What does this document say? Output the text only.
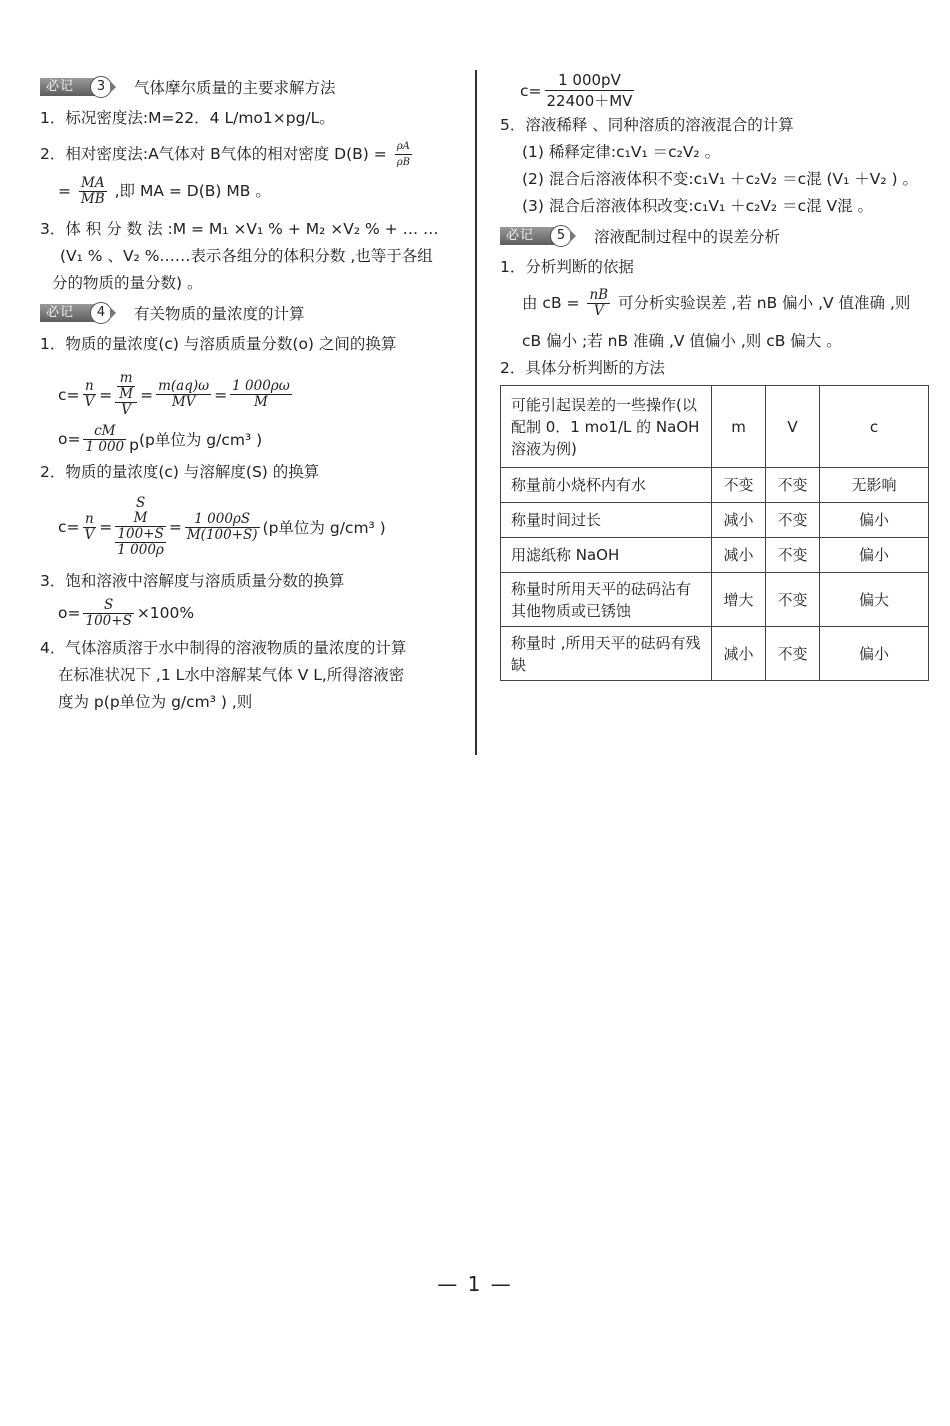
必记	3	气体摩尔质量的主要求解方法
1．标况密度法:M=22．4 L/mo1×pg/L。
2．相对密度法:A气体对 B气体的相对密度 $D(B) = \frac{\rho A}{\rho B}$
= $\frac{MA}{MB}$ ,即 MA = D(B) MB 。
3．体 积 分 数 法 :M = M₁ ×V₁ % + M₂ ×V₂ % + … …
(V₁ % 、V₂ %……表示各组分的体积分数 ,也等于各组
分的物质的量分数) 。
必记	4	有关物质的量浓度的计算
1．物质的量浓度(c) 与溶质质量分数(o) 之间的换算
$c= \frac{n}{V} = \frac{\frac{m}{M}}{V} = \frac{m(aq)\omega}{MV} = \frac{1 000\rho\omega}{M}$
$o= \frac{cM}{1 000}$ p (p单位为 g/cm³ )
2．物质的量浓度(c) 与溶解度(S) 的换算
$c= \frac{n}{V}$ =
S
M
100+S
1 000ρ
= $\frac{1 000\rho S}{M(100+S)} (p$单位为 g/cm³ )
3．饱和溶液中溶解度与溶质质量分数的换算
$o= \frac{S}{100+S} \times 100\%$
4．气体溶质溶于水中制得的溶液物质的量浓度的计算
在标准状况下 ,1 L水中溶解某气体 V L,所得溶液密
度为 p(p单位为 g/cm³ ) ,则
$c= \frac{1 000pV}{22400+MV}$
5．溶液稀释 、同种溶质的溶液混合的计算
(1) 稀释定律:c₁V₁ ＝c₂V₂ 。
(2) 混合后溶液体积不变:c₁V₁ ＋c₂V₂ ＝c混 (V₁ ＋V₂ ) 。
(3) 混合后溶液体积改变:c₁V₁ ＋c₂V₂ ＝c混 V混 。
必记	5	溶液配制过程中的误差分析
1．分析判断的依据
由 cB = $\frac{nB}{V}$ 可分析实验误差 ,若 nB 偏小 ,V 值准确 ,则
cB 偏小 ;若 nB 准确 ,V 值偏小 ,则 cB 偏大 。
2．具体分析判断的方法
可能引起误差的一些操作(以配制 0．1 mo1/L 的 NaOH溶液为例)	m	V	c
称量前小烧杯内有水	不变	不变	无影响
称量时间过长	减小	不变	偏小
用滤纸称 NaOH	减小	不变	偏小
称量时所用天平的砝码沾有其他物质或已锈蚀	增大	不变	偏大
称量时 ,所用天平的砝码有残缺	减小	不变	偏小
— 1 —
